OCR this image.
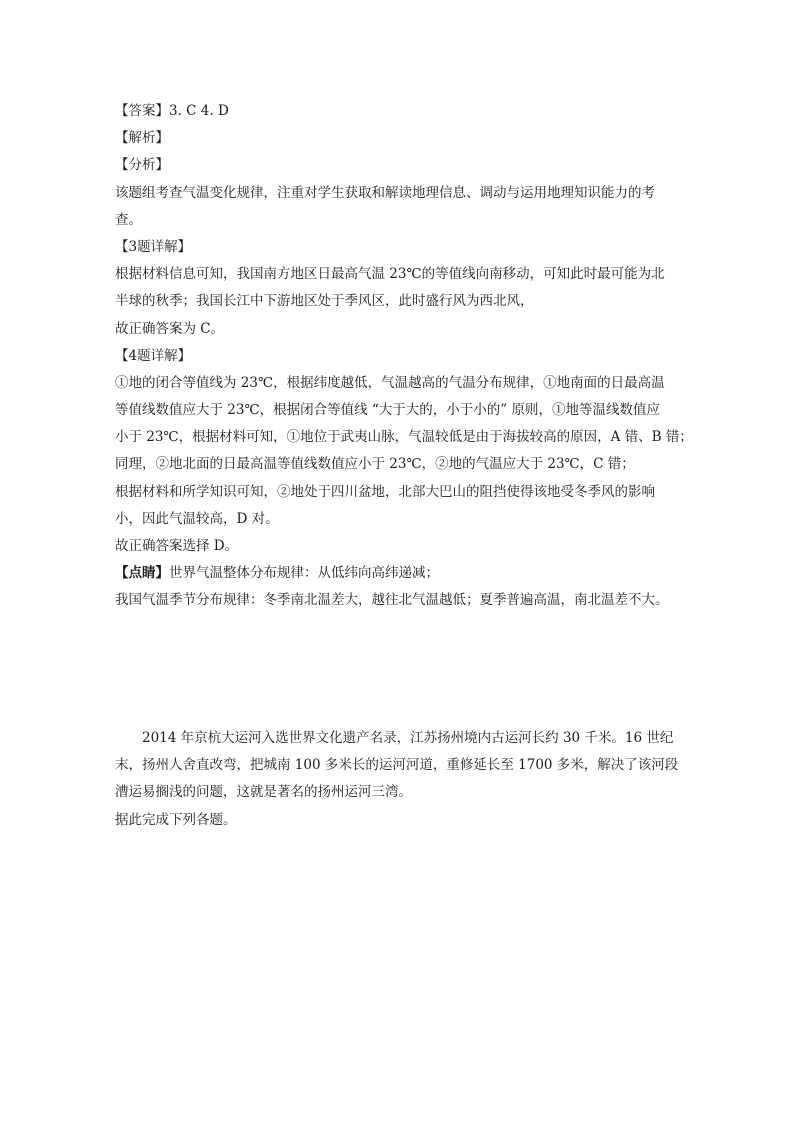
【答案】3. C 4. D
【解析】
【分析】
该题组考查气温变化规律，注重对学生获取和解读地理信息、调动与运用地理知识能力的考
查。
【3题详解】
根据材料信息可知，我国南方地区日最高气温 23℃的等值线向南移动，可知此时最可能为北
半球的秋季；我国长江中下游地区处于季风区，此时盛行风为西北风，
故正确答案为 C。
【4题详解】
①地的闭合等值线为 23℃，根据纬度越低，气温越高的气温分布规律，①地南面的日最高温
等值线数值应大于 23℃，根据闭合等值线 “大于大的，小于小的” 原则，①地等温线数值应
小于 23℃，根据材料可知，①地位于武夷山脉，气温较低是由于海拔较高的原因，A 错、B 错；
同理，②地北面的日最高温等值线数值应小于 23℃，②地的气温应大于 23℃，C 错；
根据材料和所学知识可知，②地处于四川盆地，北部大巴山的阻挡使得该地受冬季风的影响
小，因此气温较高，D 对。
故正确答案选择 D。
【点睛】世界气温整体分布规律：从低纬向高纬递减；
我国气温季节分布规律：冬季南北温差大，越往北气温越低；夏季普遍高温，南北温差不大。
2014 年京杭大运河入选世界文化遗产名录，江苏扬州境内古运河长约 30 千米。16 世纪
末，扬州人舍直改弯，把城南 100 多米长的运河河道，重修延长至 1700 多米，解决了该河段
漕运易搁浅的问题，这就是著名的扬州运河三湾。
据此完成下列各题。
